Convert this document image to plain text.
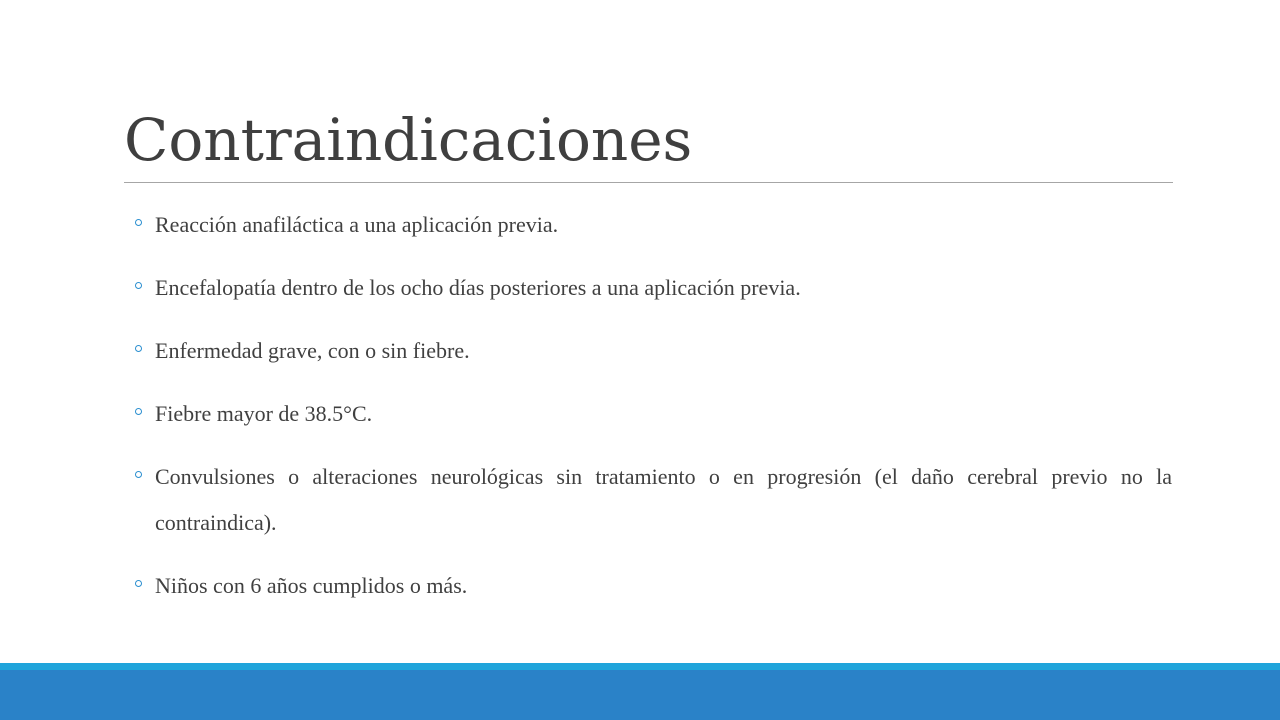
Contraindicaciones
Reacción anafiláctica a una aplicación previa.
Encefalopatía dentro de los ocho días posteriores a una aplicación previa.
Enfermedad grave, con o sin fiebre.
Fiebre mayor de 38.5°C.
Convulsiones o alteraciones neurológicas sin tratamiento o en progresión (el daño cerebral previo no la contraindica).
Niños con 6 años cumplidos o más.
